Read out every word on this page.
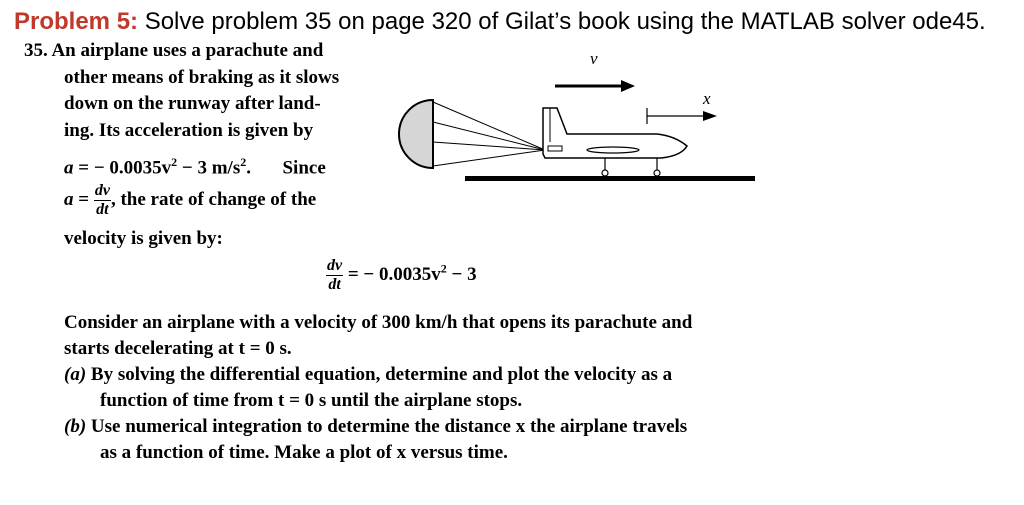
Problem 5: Solve problem 35 on page 320 of Gilat’s book using the MATLAB solver ode45.
35. An airplane uses a parachute and
other means of braking as it slows
down on the runway after land-
ing. Its acceleration is given by
a = − $0.0035v^2 - 3$ $m/s^2$. Since
$a = \frac{dv}{dt}$ , the rate of change of the
velocity is given by:
$\frac{dv}{dt}$ = − $0.0035v^2 - 3$
Consider an airplane with a velocity of 300 km/h that opens its parachute and
starts decelerating at t = 0 s.
(a) By solving the differential equation, determine and plot the velocity as a
function of time from t = 0 s until the airplane stops.
(b) Use numerical integration to determine the distance x the airplane travels
as a function of time. Make a plot of x versus time.
v
x
